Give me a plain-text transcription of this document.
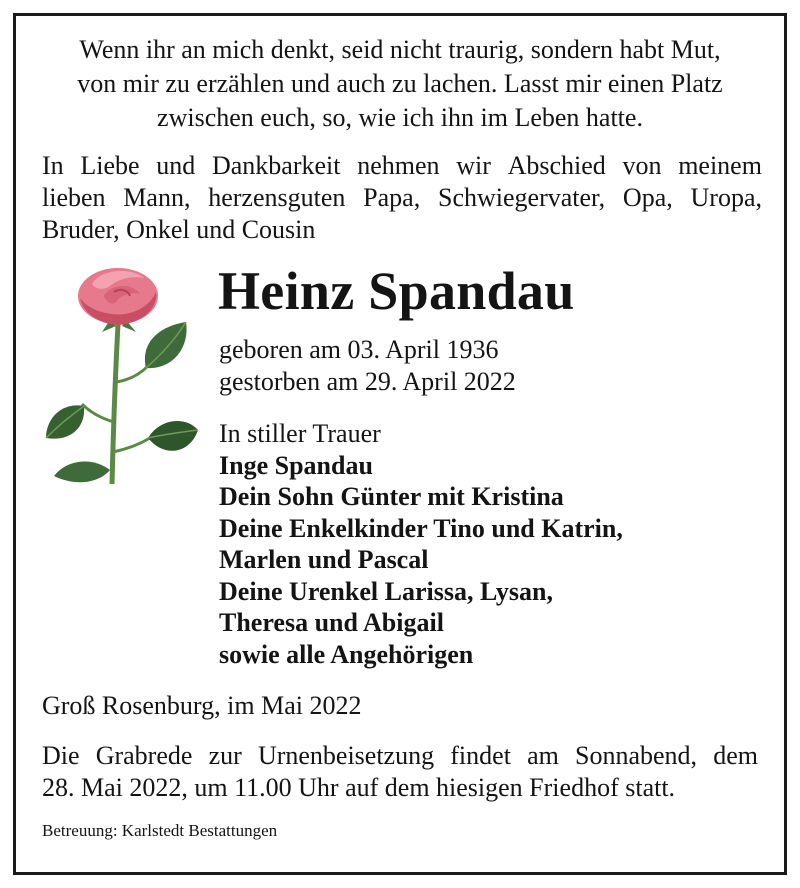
Wenn ihr an mich denkt, seid nicht traurig, sondern habt Mut,
von mir zu erzählen und auch zu lachen. Lasst mir einen Platz
zwischen euch, so, wie ich ihn im Leben hatte.
In Liebe und Dankbarkeit nehmen wir Abschied von meinem
lieben Mann, herzensguten Papa, Schwiegervater, Opa, Uropa,
Bruder, Onkel und Cousin
Heinz Spandau
geboren am 03. April 1936
gestorben am 29. April 2022
In stiller Trauer
Inge Spandau
Dein Sohn Günter mit Kristina
Deine Enkelkinder Tino und Katrin,
Marlen und Pascal
Deine Urenkel Larissa, Lysan,
Theresa und Abigail
sowie alle Angehörigen
Groß Rosenburg, im Mai 2022
Die Grabrede zur Urnenbeisetzung findet am Sonnabend, dem
28. Mai 2022, um 11.00 Uhr auf dem hiesigen Friedhof statt.
Betreuung: Karlstedt Bestattungen
